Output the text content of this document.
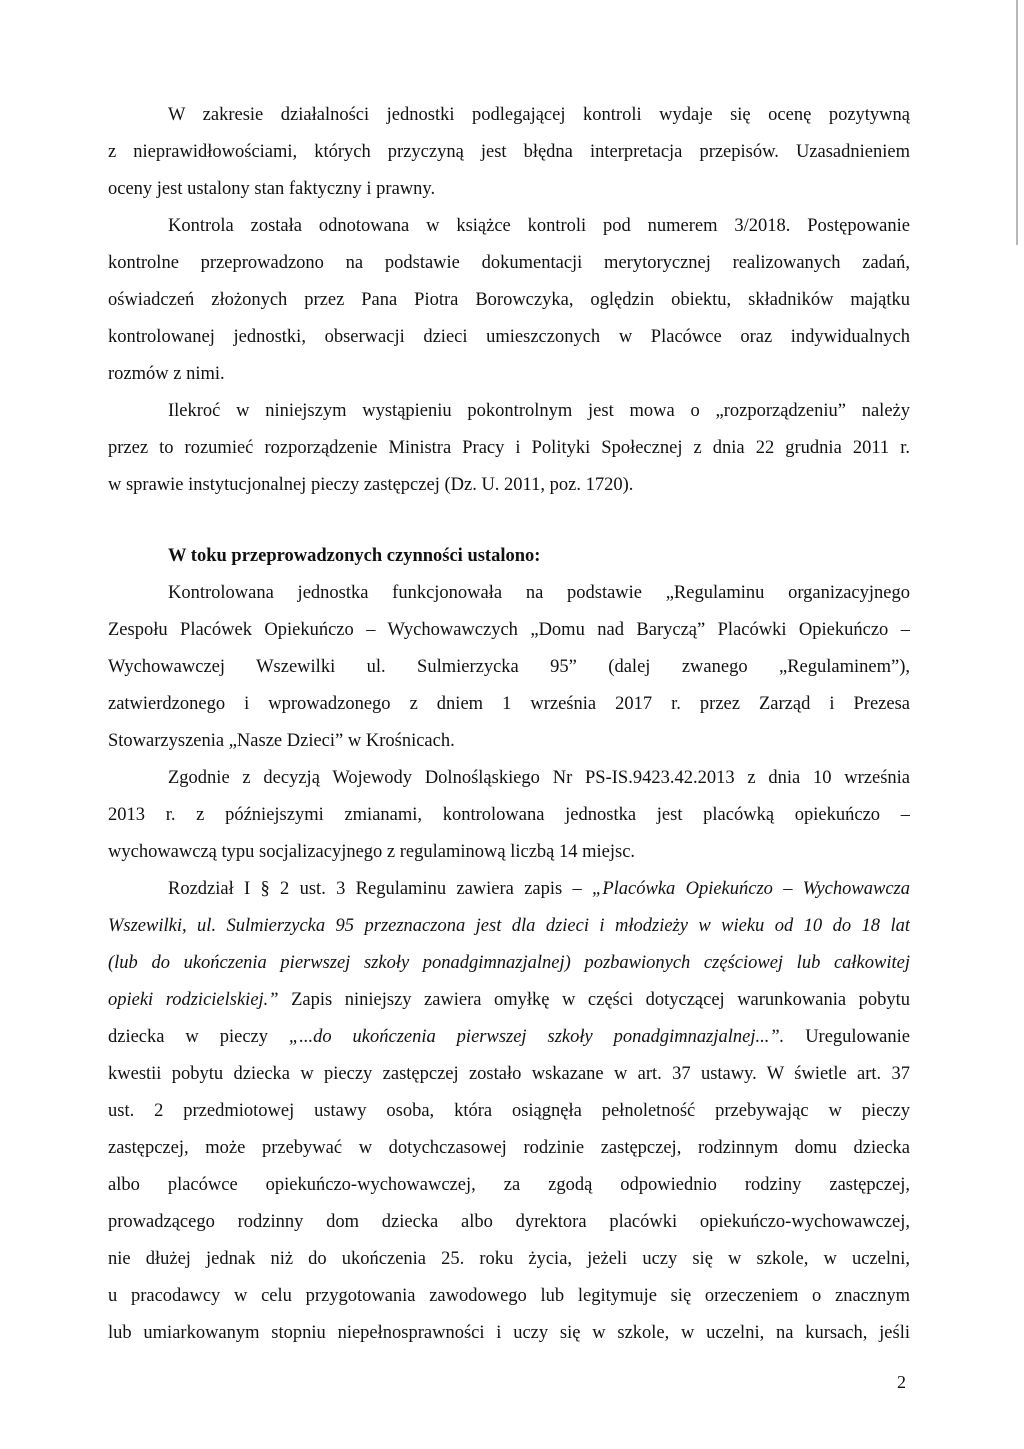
W zakresie działalności jednostki podlegającej kontroli wydaje się ocenę pozytywną
z nieprawidłowościami, których przyczyną jest błędna interpretacja przepisów. Uzasadnieniem
oceny jest ustalony stan faktyczny i prawny.
Kontrola została odnotowana w książce kontroli pod numerem 3/2018. Postępowanie
kontrolne przeprowadzono na podstawie dokumentacji merytorycznej realizowanych zadań,
oświadczeń złożonych przez Pana Piotra Borowczyka, oględzin obiektu, składników majątku
kontrolowanej jednostki, obserwacji dzieci umieszczonych w Placówce oraz indywidualnych
rozmów z nimi.
Ilekroć w niniejszym wystąpieniu pokontrolnym jest mowa o „rozporządzeniu” należy
przez to rozumieć rozporządzenie Ministra Pracy i Polityki Społecznej z dnia 22 grudnia 2011 r.
w sprawie instytucjonalnej pieczy zastępczej (Dz. U. 2011, poz. 1720).
W toku przeprowadzonych czynności ustalono:
Kontrolowana jednostka funkcjonowała na podstawie „Regulaminu organizacyjnego
Zespołu Placówek Opiekuńczo – Wychowawczych „Domu nad Baryczą” Placówki Opiekuńczo –
Wychowawczej Wszewilki ul. Sulmierzycka 95” (dalej zwanego „Regulaminem”),
zatwierdzonego i wprowadzonego z dniem 1 września 2017 r. przez Zarząd i Prezesa
Stowarzyszenia „Nasze Dzieci” w Krośnicach.
Zgodnie z decyzją Wojewody Dolnośląskiego Nr PS-IS.9423.42.2013 z dnia 10 września
2013 r. z późniejszymi zmianami, kontrolowana jednostka jest placówką opiekuńczo –
wychowawczą typu socjalizacyjnego z regulaminową liczbą 14 miejsc.
Rozdział I § 2 ust. 3 Regulaminu zawiera zapis – „Placówka Opiekuńczo – Wychowawcza
Wszewilki, ul. Sulmierzycka 95 przeznaczona jest dla dzieci i młodzieży w wieku od 10 do 18 lat
(lub do ukończenia pierwszej szkoły ponadgimnazjalnej) pozbawionych częściowej lub całkowitej
opieki rodzicielskiej.” Zapis niniejszy zawiera omyłkę w części dotyczącej warunkowania pobytu
dziecka w pieczy „...do ukończenia pierwszej szkoły ponadgimnazjalnej...”. Uregulowanie
kwestii pobytu dziecka w pieczy zastępczej zostało wskazane w art. 37 ustawy. W świetle art. 37
ust. 2 przedmiotowej ustawy osoba, która osiągnęła pełnoletność przebywając w pieczy
zastępczej, może przebywać w dotychczasowej rodzinie zastępczej, rodzinnym domu dziecka
albo placówce opiekuńczo-wychowawczej, za zgodą odpowiednio rodziny zastępczej,
prowadzącego rodzinny dom dziecka albo dyrektora placówki opiekuńczo-wychowawczej,
nie dłużej jednak niż do ukończenia 25. roku życia, jeżeli uczy się w szkole, w uczelni,
u pracodawcy w celu przygotowania zawodowego lub legitymuje się orzeczeniem o znacznym
lub umiarkowanym stopniu niepełnosprawności i uczy się w szkole, w uczelni, na kursach, jeśli
2
